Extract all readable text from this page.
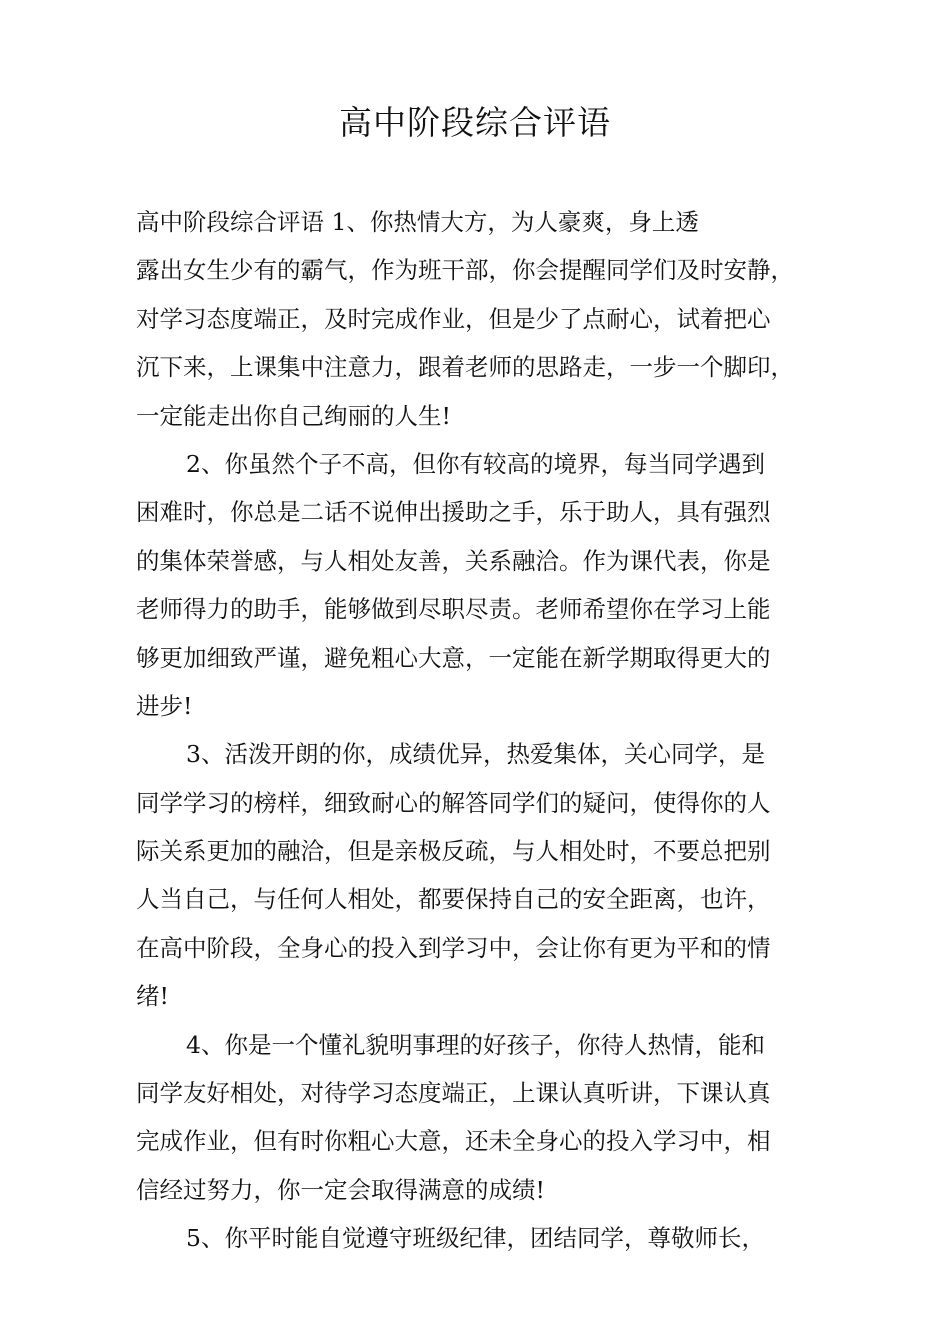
高中阶段综合评语
高中阶段综合评语 1、你热情大方，为人豪爽，身上透
露出女生少有的霸气，作为班干部，你会提醒同学们及时安静，
对学习态度端正，及时完成作业，但是少了点耐心，试着把心
沉下来，上课集中注意力，跟着老师的思路走，一步一个脚印，
一定能走出你自己绚丽的人生!
2、你虽然个子不高，但你有较高的境界，每当同学遇到
困难时，你总是二话不说伸出援助之手，乐于助人，具有强烈
的集体荣誉感，与人相处友善，关系融洽。作为课代表，你是
老师得力的助手，能够做到尽职尽责。老师希望你在学习上能
够更加细致严谨，避免粗心大意，一定能在新学期取得更大的
进步!
3、活泼开朗的你，成绩优异，热爱集体，关心同学，是
同学学习的榜样，细致耐心的解答同学们的疑问，使得你的人
际关系更加的融洽，但是亲极反疏，与人相处时，不要总把别
人当自己，与任何人相处，都要保持自己的安全距离，也许，
在高中阶段，全身心的投入到学习中，会让你有更为平和的情
绪!
4、你是一个懂礼貌明事理的好孩子，你待人热情，能和
同学友好相处，对待学习态度端正，上课认真听讲，下课认真
完成作业，但有时你粗心大意，还未全身心的投入学习中，相
信经过努力，你一定会取得满意的成绩!
5、你平时能自觉遵守班级纪律，团结同学，尊敬师长，
